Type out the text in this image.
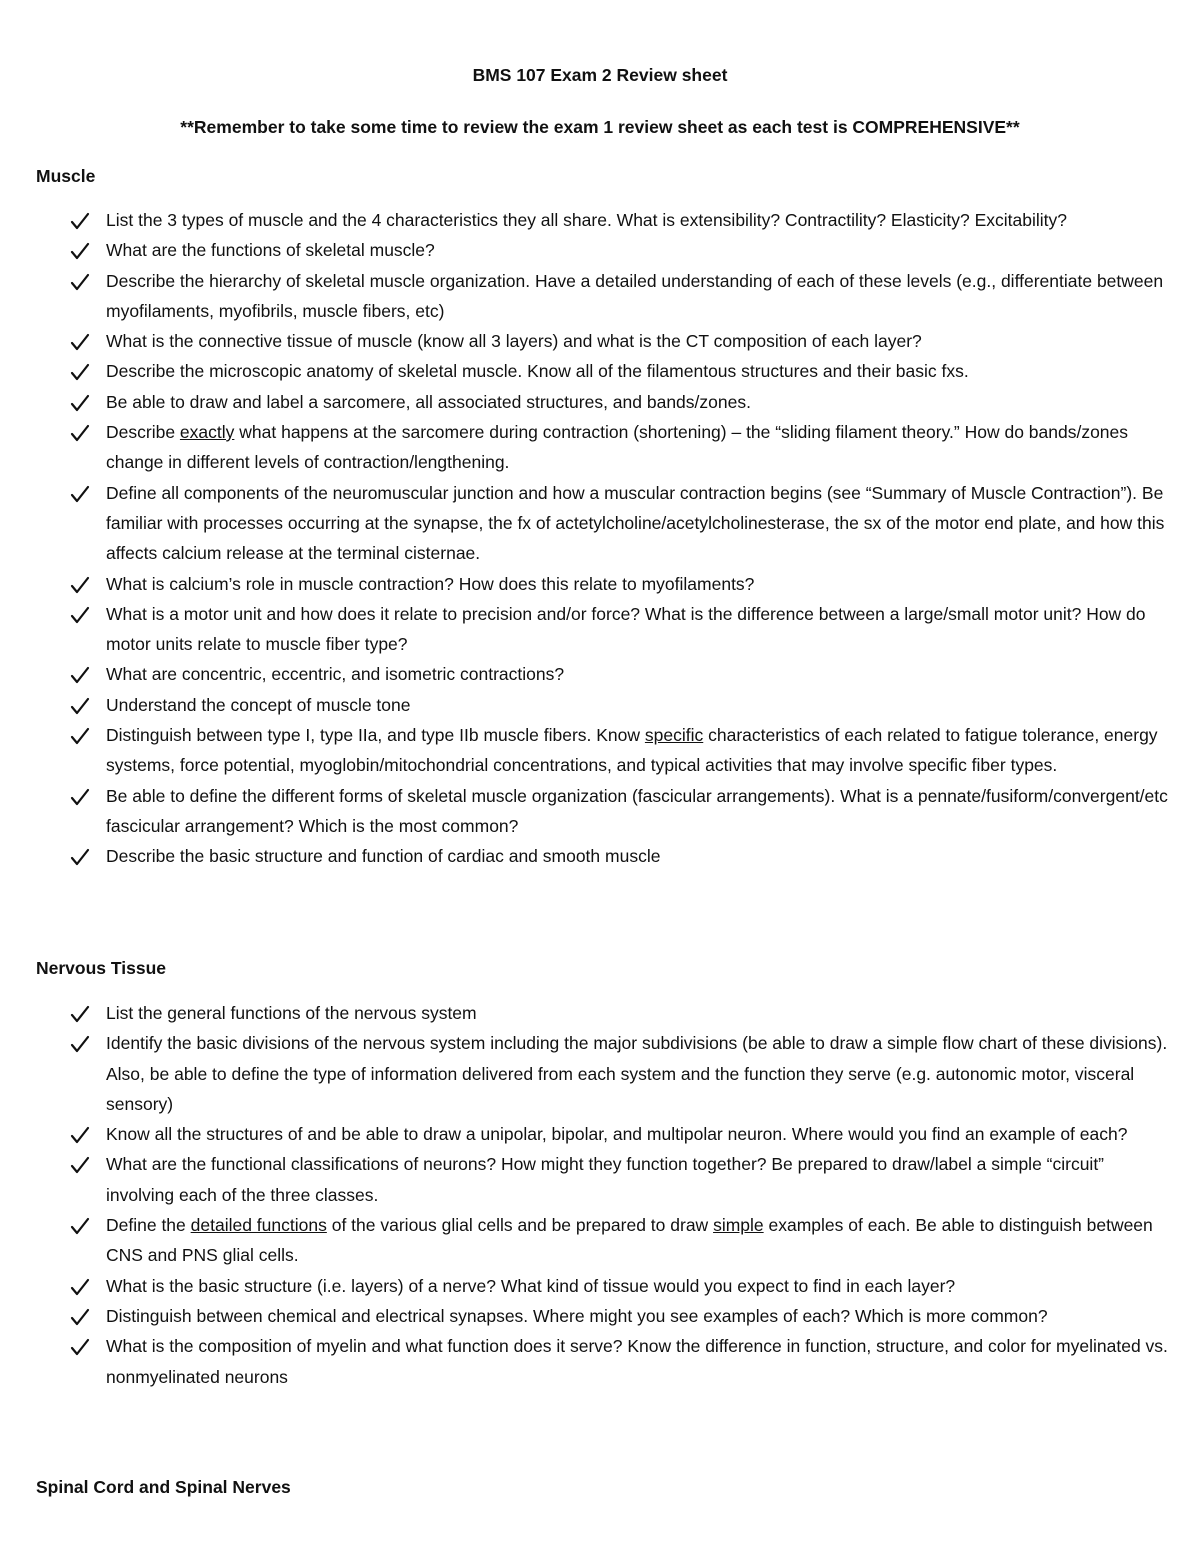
BMS 107 Exam 2 Review sheet
**Remember to take some time to review the exam 1 review sheet as each test is COMPREHENSIVE**
Muscle
List the 3 types of muscle and the 4 characteristics they all share. What is extensibility? Contractility? Elasticity? Excitability?
What are the functions of skeletal muscle?
Describe the hierarchy of skeletal muscle organization. Have a detailed understanding of each of these levels (e.g., differentiate between myofilaments, myofibrils, muscle fibers, etc)
What is the connective tissue of muscle (know all 3 layers) and what is the CT composition of each layer?
Describe the microscopic anatomy of skeletal muscle. Know all of the filamentous structures and their basic fxs.
Be able to draw and label a sarcomere, all associated structures, and bands/zones.
Describe exactly what happens at the sarcomere during contraction (shortening) – the “sliding filament theory.” How do bands/zones change in different levels of contraction/lengthening.
Define all components of the neuromuscular junction and how a muscular contraction begins (see “Summary of Muscle Contraction”). Be familiar with processes occurring at the synapse, the fx of actetylcholine/acetylcholinesterase, the sx of the motor end plate, and how this affects calcium release at the terminal cisternae.
What is calcium’s role in muscle contraction? How does this relate to myofilaments?
What is a motor unit and how does it relate to precision and/or force? What is the difference between a large/small motor unit? How do motor units relate to muscle fiber type?
What are concentric, eccentric, and isometric contractions?
Understand the concept of muscle tone
Distinguish between type I, type IIa, and type IIb muscle fibers. Know specific characteristics of each related to fatigue tolerance, energy systems, force potential, myoglobin/mitochondrial concentrations, and typical activities that may involve specific fiber types.
Be able to define the different forms of skeletal muscle organization (fascicular arrangements). What is a pennate/fusiform/convergent/etc fascicular arrangement? Which is the most common?
Describe the basic structure and function of cardiac and smooth muscle
Nervous Tissue
List the general functions of the nervous system
Identify the basic divisions of the nervous system including the major subdivisions (be able to draw a simple flow chart of these divisions). Also, be able to define the type of information delivered from each system and the function they serve (e.g. autonomic motor, visceral sensory)
Know all the structures of and be able to draw a unipolar, bipolar, and multipolar neuron. Where would you find an example of each?
What are the functional classifications of neurons? How might they function together? Be prepared to draw/label a simple “circuit” involving each of the three classes.
Define the detailed functions of the various glial cells and be prepared to draw simple examples of each. Be able to distinguish between CNS and PNS glial cells.
What is the basic structure (i.e. layers) of a nerve? What kind of tissue would you expect to find in each layer?
Distinguish between chemical and electrical synapses. Where might you see examples of each? Which is more common?
What is the composition of myelin and what function does it serve? Know the difference in function, structure, and color for myelinated vs. nonmyelinated neurons
Spinal Cord and Spinal Nerves
